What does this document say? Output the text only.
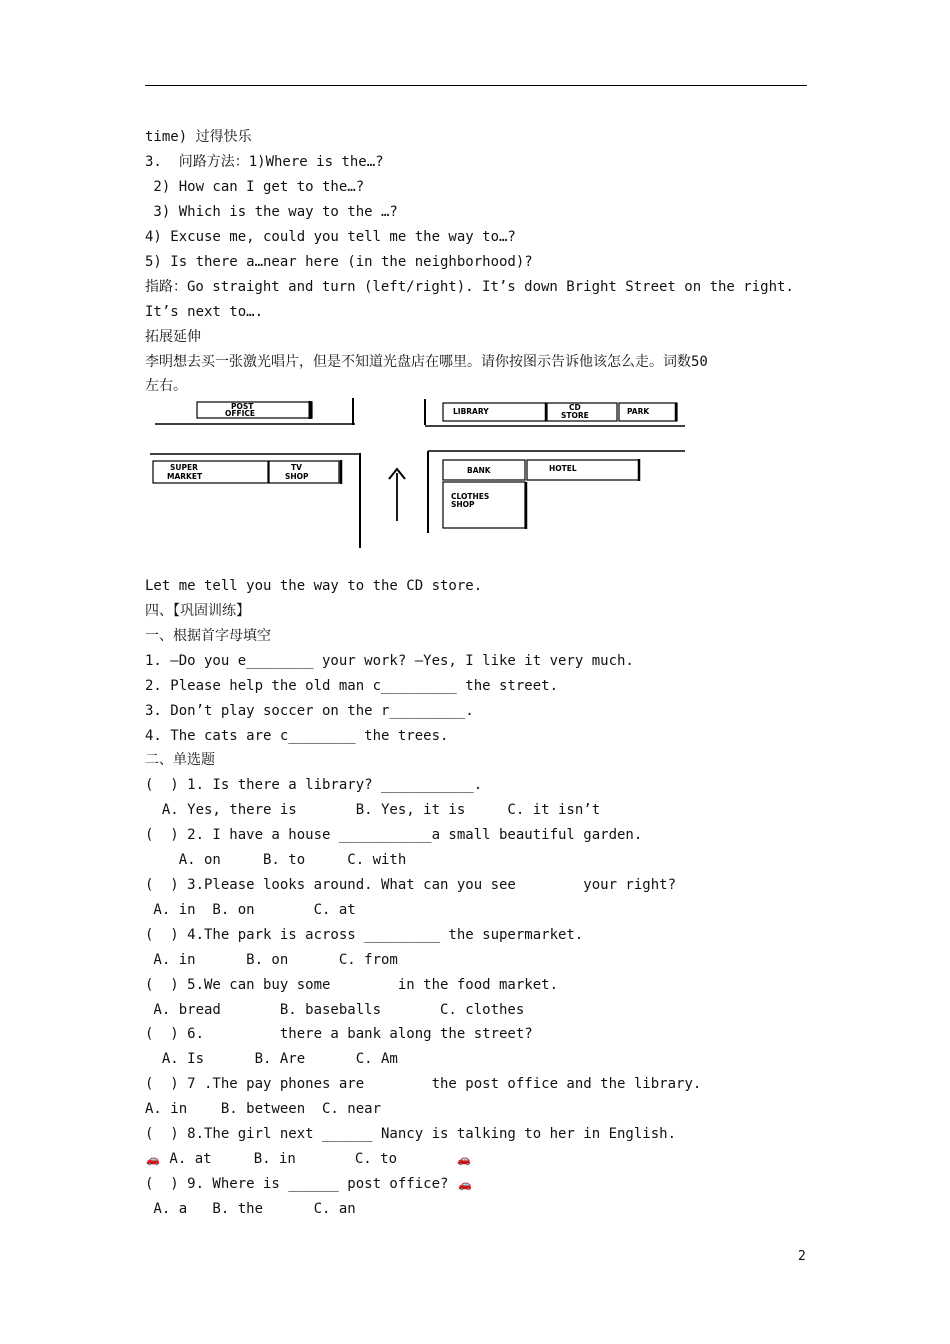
time) 过得快乐
3.  问路方法：1)Where is the…?
2) How can I get to the…?
3) Which is the way to the …?
4) Excuse me, could you tell me the way to…?
5) Is there a…near here (in the neighborhood)?
指路：Go straight and turn (left/right). It’s down Bright Street on the right.
It’s next to….
拓展延伸
李明想去买一张激光唱片，但是不知道光盘店在哪里。请你按图示告诉他该怎么走。词数50
左右。
POST
OFFICE	LIBRARY	CD
STORE	PARK
SUPER
MARKET
TV
SHOP
BANK	HOTEL
CLOTHES
SHOP
Let me tell you the way to the CD store.
四、【巩固训练】
一、根据首字母填空
1. —Do you e________ your work? —Yes, I like it very much.
2. Please help the old man c_________ the street.
3. Don’t play soccer on the r_________.
4. The cats are c________ the trees.
二、单选题
(  ) 1. Is there a library? ___________.
A. Yes, there is       B. Yes, it is     C. it isn’t
(  ) 2. I have a house ___________a small beautiful garden.
A. on     B. to     C. with
(  ) 3.Please looks around. What can you see        your right?
A. in  B. on       C. at
(  ) 4.The park is across _________ the supermarket.
A. in      B. on      C. from
(  ) 5.We can buy some        in the food market.
A. bread       B. baseballs       C. clothes
(  ) 6.         there a bank along the street?
A. Is      B. Are      C. Am
(  ) 7 .The pay phones are        the post office and the library.
A. in    B. between  C. near
(  ) 8.The girl next ______ Nancy is talking to her in English.
🚗 A. at     B. in       C. to       🚗
(  ) 9. Where is ______ post office? 🚗
A. a   B. the      C. an
2
